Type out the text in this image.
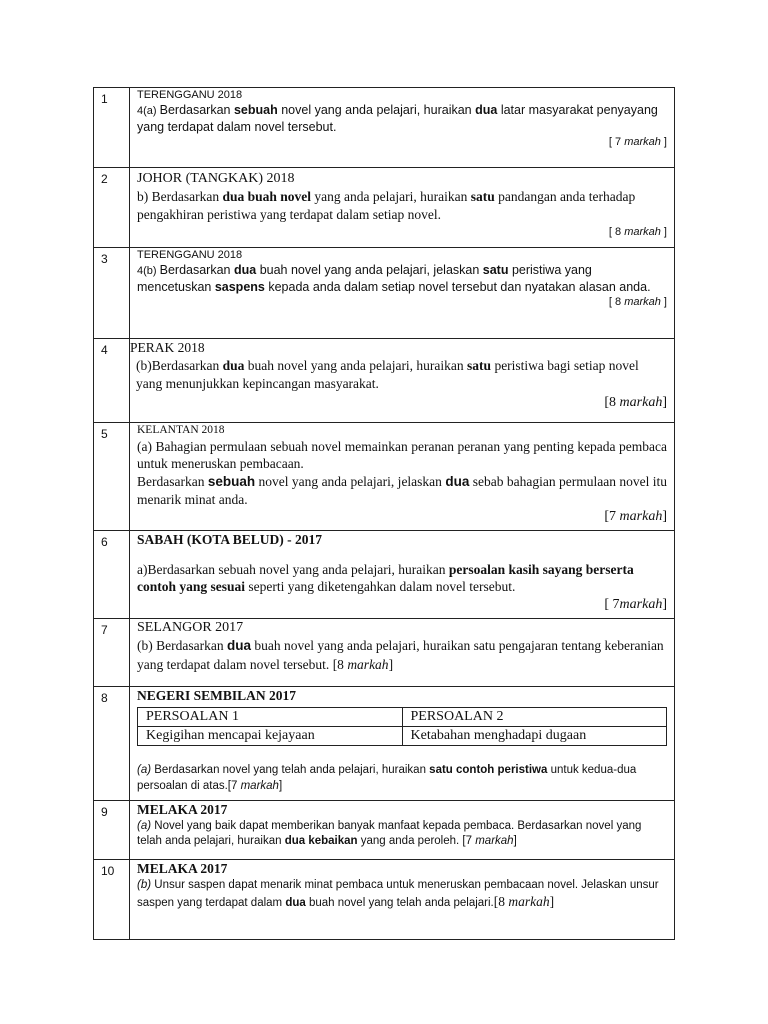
1	TERENGGANU 2018

4(a) Berdasarkan sebuah novel yang anda pelajari, huraikan dua latar masyarakat penyayang yang terdapat dalam novel tersebut.

[ 7 markah ]

2	JOHOR (TANGKAK) 2018

b) Berdasarkan dua buah novel yang anda pelajari, huraikan satu pandangan anda terhadap pengakhiran peristiwa yang terdapat dalam setiap novel.

[ 8 markah ]

3	TERENGGANU 2018

4(b) Berdasarkan dua buah novel yang anda pelajari, jelaskan satu peristiwa yang mencetuskan saspens kepada anda dalam setiap novel tersebut dan nyatakan alasan anda.

[ 8 markah ]

4	PERAK 2018

(b)Berdasarkan dua buah novel yang anda pelajari, huraikan satu peristiwa bagi setiap novel yang menunjukkan kepincangan masyarakat.

[8 markah]

5	KELANTAN 2018

(a) Bahagian permulaan sebuah novel memainkan peranan peranan yang penting kepada pembaca untuk meneruskan pembacaan.

Berdasarkan sebuah novel yang anda pelajari, jelaskan dua sebab bahagian permulaan novel itu menarik minat anda.

[7 markah]

6	SABAH (KOTA BELUD) - 2017

a)Berdasarkan sebuah novel yang anda pelajari, huraikan persoalan kasih sayang berserta contoh yang sesuai seperti yang diketengahkan dalam novel tersebut.

[ 7markah]

7	SELANGOR 2017

(b) Berdasarkan dua buah novel yang anda pelajari, huraikan satu pengajaran tentang keberanian yang terdapat dalam novel tersebut. [8 markah]

8	NEGERI SEMBILAN 2017
PERSOALAN 1	PERSOALAN 2
Kegigihan mencapai kejayaan	Ketabahan menghadapi dugaan

(a) Berdasarkan novel yang telah anda pelajari, huraikan satu contoh peristiwa untuk kedua-dua persoalan di atas.[7 markah]

9	MELAKA 2017

(a) Novel yang baik dapat memberikan banyak manfaat kepada pembaca. Berdasarkan novel yang telah anda pelajari, huraikan dua kebaikan yang anda peroleh. [7 markah]

10	MELAKA 2017

(b) Unsur saspen dapat menarik minat pembaca untuk meneruskan pembacaan novel. Jelaskan unsur saspen yang terdapat dalam dua buah novel yang telah anda pelajari.[8 markah]
